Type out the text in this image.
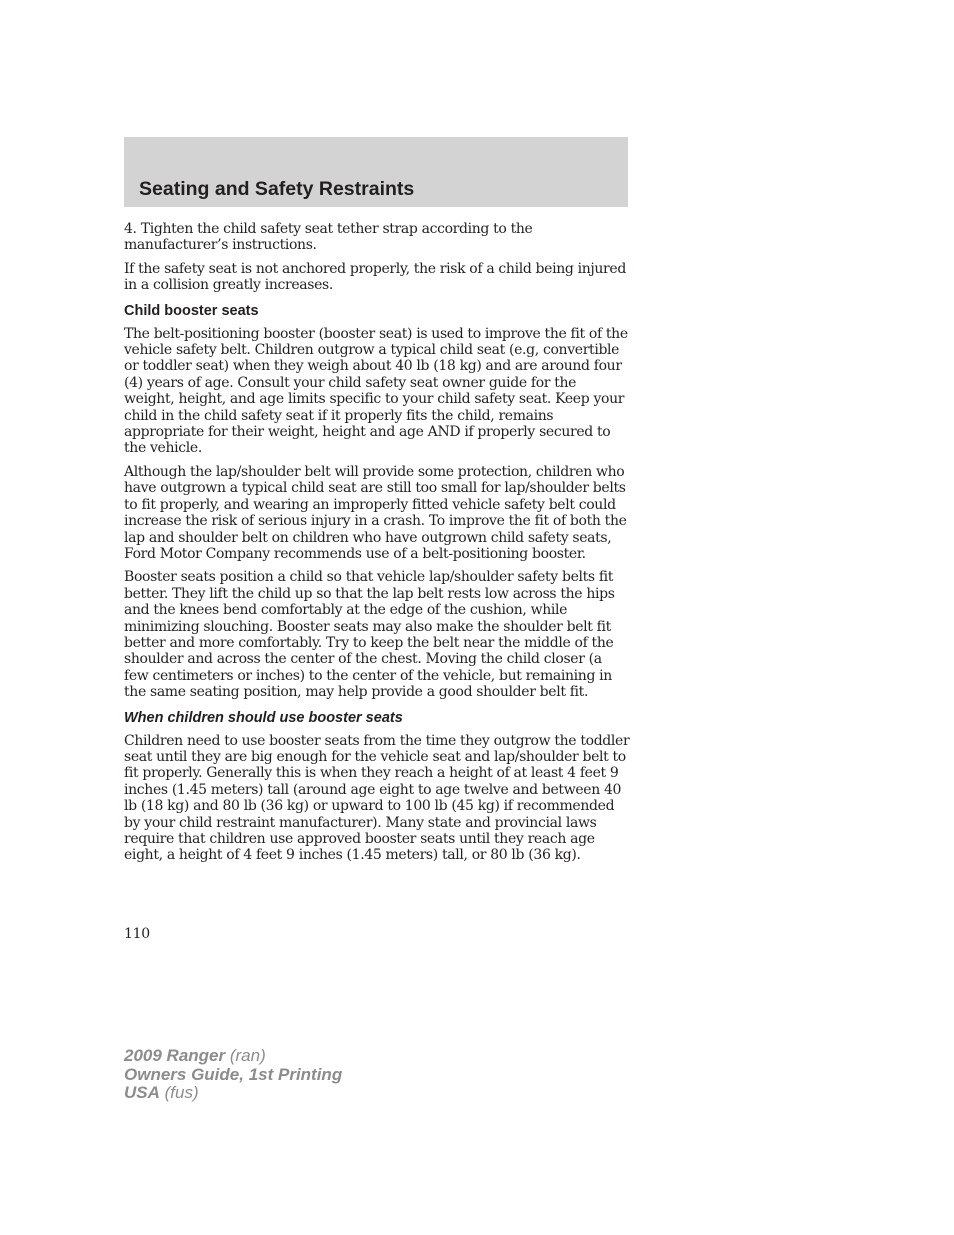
Seating and Safety Restraints

4. Tighten the child safety seat tether strap according to the manufacturer’s instructions.

If the safety seat is not anchored properly, the risk of a child being injured in a collision greatly increases.

Child booster seats

The belt-positioning booster (booster seat) is used to improve the fit of the vehicle safety belt. Children outgrow a typical child seat (e.g, convertible or toddler seat) when they weigh about 40 lb (18 kg) and are around four (4) years of age. Consult your child safety seat owner guide for the weight, height, and age limits specific to your child safety seat. Keep your child in the child safety seat if it properly fits the child, remains appropriate for their weight, height and age AND if properly secured to the vehicle.

Although the lap/shoulder belt will provide some protection, children who have outgrown a typical child seat are still too small for lap/shoulder belts to fit properly, and wearing an improperly fitted vehicle safety belt could increase the risk of serious injury in a crash. To improve the fit of both the lap and shoulder belt on children who have outgrown child safety seats, Ford Motor Company recommends use of a belt-positioning booster.

Booster seats position a child so that vehicle lap/shoulder safety belts fit better. They lift the child up so that the lap belt rests low across the hips and the knees bend comfortably at the edge of the cushion, while minimizing slouching. Booster seats may also make the shoulder belt fit better and more comfortably. Try to keep the belt near the middle of the shoulder and across the center of the chest. Moving the child closer (a few centimeters or inches) to the center of the vehicle, but remaining in the same seating position, may help provide a good shoulder belt fit.

When children should use booster seats

Children need to use booster seats from the time they outgrow the toddler seat until they are big enough for the vehicle seat and lap/shoulder belt to fit properly. Generally this is when they reach a height of at least 4 feet 9 inches (1.45 meters) tall (around age eight to age twelve and between 40 lb (18 kg) and 80 lb (36 kg) or upward to 100 lb (45 kg) if recommended by your child restraint manufacturer). Many state and provincial laws require that children use approved booster seats until they reach age eight, a height of 4 feet 9 inches (1.45 meters) tall, or 80 lb (36 kg).

110
2009 Ranger (ran)
Owners Guide, 1st Printing
USA (fus)
